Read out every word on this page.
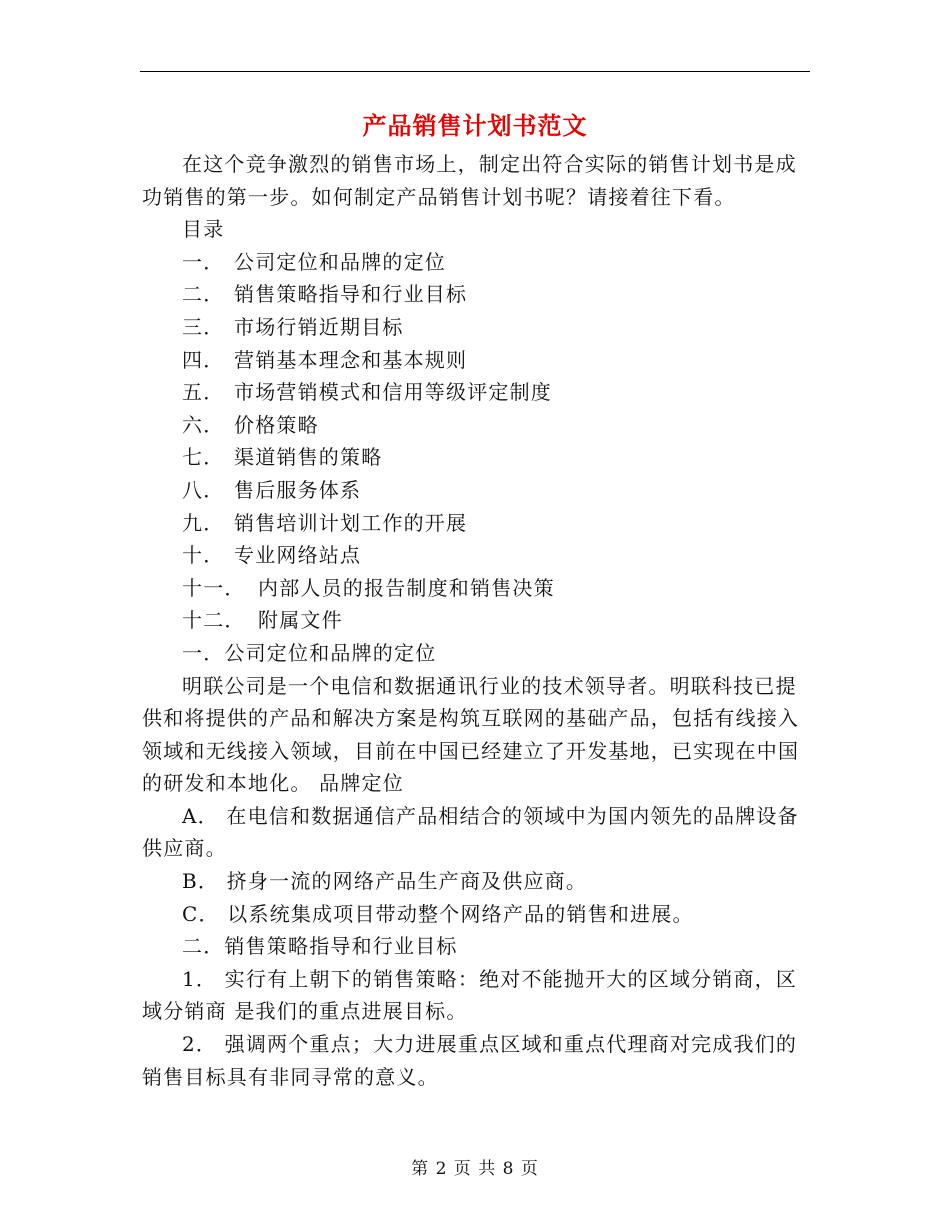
产品销售计划书范文

在这个竞争激烈的销售市场上，制定出符合实际的销售计划书是成功销售的第一步。如何制定产品销售计划书呢？请接着往下看。

目录

一． 公司定位和品牌的定位

二． 销售策略指导和行业目标

三． 市场行销近期目标

四． 营销基本理念和基本规则

五． 市场营销模式和信用等级评定制度

六． 价格策略

七． 渠道销售的策略

八． 售后服务体系

九． 销售培训计划工作的开展

十． 专业网络站点

十一． 内部人员的报告制度和销售决策

十二． 附属文件

一．公司定位和品牌的定位

明联公司是一个电信和数据通讯行业的技术领导者。明联科技已提供和将提供的产品和解决方案是构筑互联网的基础产品，包括有线接入领域和无线接入领域，目前在中国已经建立了开发基地，已实现在中国的研发和本地化。 品牌定位

A． 在电信和数据通信产品相结合的领域中为国内领先的品牌设备供应商。

B． 挤身一流的网络产品生产商及供应商。

C． 以系统集成项目带动整个网络产品的销售和进展。

二．销售策略指导和行业目标

1． 实行有上朝下的销售策略：绝对不能抛开大的区域分销商，区域分销商 是我们的重点进展目标。

2． 强调两个重点；大力进展重点区域和重点代理商对完成我们的销售目标具有非同寻常的意义。

第 2 页 共 8 页
